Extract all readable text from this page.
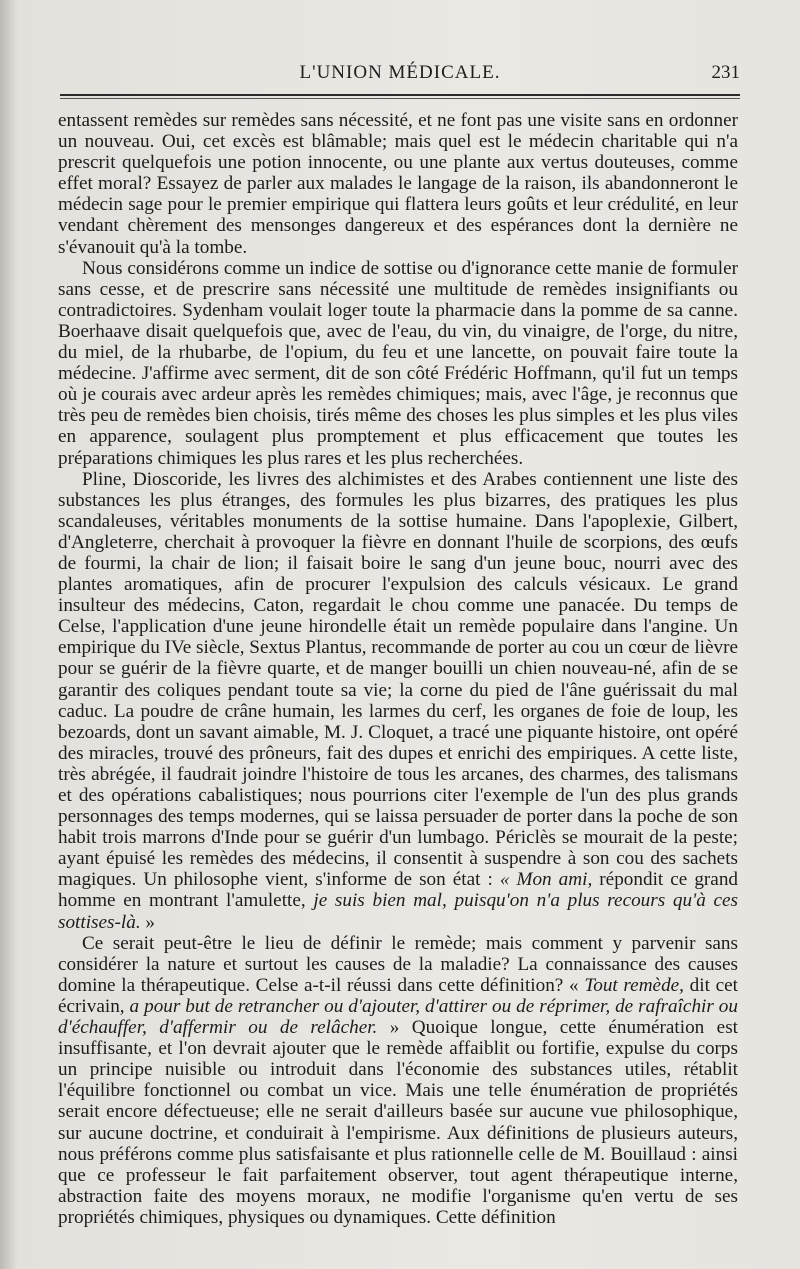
L'UNION MÉDICALE.	231

entassent remèdes sur remèdes sans nécessité, et ne font pas une visite sans en ordonner un nouveau. Oui, cet excès est blâmable; mais quel est le médecin charitable qui n'a prescrit quelquefois une potion innocente, ou une plante aux vertus douteuses, comme effet moral? Essayez de parler aux malades le langage de la raison, ils abandonneront le médecin sage pour le premier empirique qui flattera leurs goûts et leur crédulité, en leur vendant chèrement des mensonges dangereux et des espérances dont la dernière ne s'évanouit qu'à la tombe.

Nous considérons comme un indice de sottise ou d'ignorance cette manie de formuler sans cesse, et de prescrire sans nécessité une multitude de remèdes insignifiants ou contradictoires. Sydenham voulait loger toute la pharmacie dans la pomme de sa canne. Boerhaave disait quelquefois que, avec de l'eau, du vin, du vinaigre, de l'orge, du nitre, du miel, de la rhubarbe, de l'opium, du feu et une lancette, on pouvait faire toute la médecine. J'affirme avec serment, dit de son côté Frédéric Hoffmann, qu'il fut un temps où je courais avec ardeur après les remèdes chimiques; mais, avec l'âge, je reconnus que très peu de remèdes bien choisis, tirés même des choses les plus simples et les plus viles en apparence, soulagent plus promptement et plus efficacement que toutes les préparations chimiques les plus rares et les plus recherchées.

Pline, Dioscoride, les livres des alchimistes et des Arabes contiennent une liste des substances les plus étranges, des formules les plus bizarres, des pratiques les plus scandaleuses, véritables monuments de la sottise humaine. Dans l'apoplexie, Gilbert, d'Angleterre, cherchait à provoquer la fièvre en donnant l'huile de scorpions, des œufs de fourmi, la chair de lion; il faisait boire le sang d'un jeune bouc, nourri avec des plantes aromatiques, afin de procurer l'expulsion des calculs vésicaux. Le grand insulteur des médecins, Caton, regardait le chou comme une panacée. Du temps de Celse, l'application d'une jeune hirondelle était un remède populaire dans l'angine. Un empirique du IVe siècle, Sextus Plantus, recommande de porter au cou un cœur de lièvre pour se guérir de la fièvre quarte, et de manger bouilli un chien nouveau-né, afin de se garantir des coliques pendant toute sa vie; la corne du pied de l'âne guérissait du mal caduc. La poudre de crâne humain, les larmes du cerf, les organes de foie de loup, les bezoards, dont un savant aimable, M. J. Cloquet, a tracé une piquante histoire, ont opéré des miracles, trouvé des prôneurs, fait des dupes et enrichi des empiriques. A cette liste, très abrégée, il faudrait joindre l'histoire de tous les arcanes, des charmes, des talismans et des opérations cabalistiques; nous pourrions citer l'exemple de l'un des plus grands personnages des temps modernes, qui se laissa persuader de porter dans la poche de son habit trois marrons d'Inde pour se guérir d'un lumbago. Périclès se mourait de la peste; ayant épuisé les remèdes des médecins, il consentit à suspendre à son cou des sachets magiques. Un philosophe vient, s'informe de son état : « Mon ami, répondit ce grand homme en montrant l'amulette, je suis bien mal, puisqu'on n'a plus recours qu'à ces sottises-là. »

Ce serait peut-être le lieu de définir le remède; mais comment y parvenir sans considérer la nature et surtout les causes de la maladie? La connaissance des causes domine la thérapeutique. Celse a-t-il réussi dans cette définition? « Tout remède, dit cet écrivain, a pour but de retrancher ou d'ajouter, d'attirer ou de réprimer, de rafraîchir ou d'échauffer, d'affermir ou de relâcher. » Quoique longue, cette énumération est insuffisante, et l'on devrait ajouter que le remède affaiblit ou fortifie, expulse du corps un principe nuisible ou introduit dans l'économie des substances utiles, rétablit l'équilibre fonctionnel ou combat un vice. Mais une telle énumération de propriétés serait encore défectueuse; elle ne serait d'ailleurs basée sur aucune vue philosophique, sur aucune doctrine, et conduirait à l'empirisme. Aux définitions de plusieurs auteurs, nous préférons comme plus satisfaisante et plus rationnelle celle de M. Bouillaud : ainsi que ce professeur le fait parfaitement observer, tout agent thérapeutique interne, abstraction faite des moyens moraux, ne modifie l'organisme qu'en vertu de ses propriétés chimiques, physiques ou dynamiques. Cette définition
